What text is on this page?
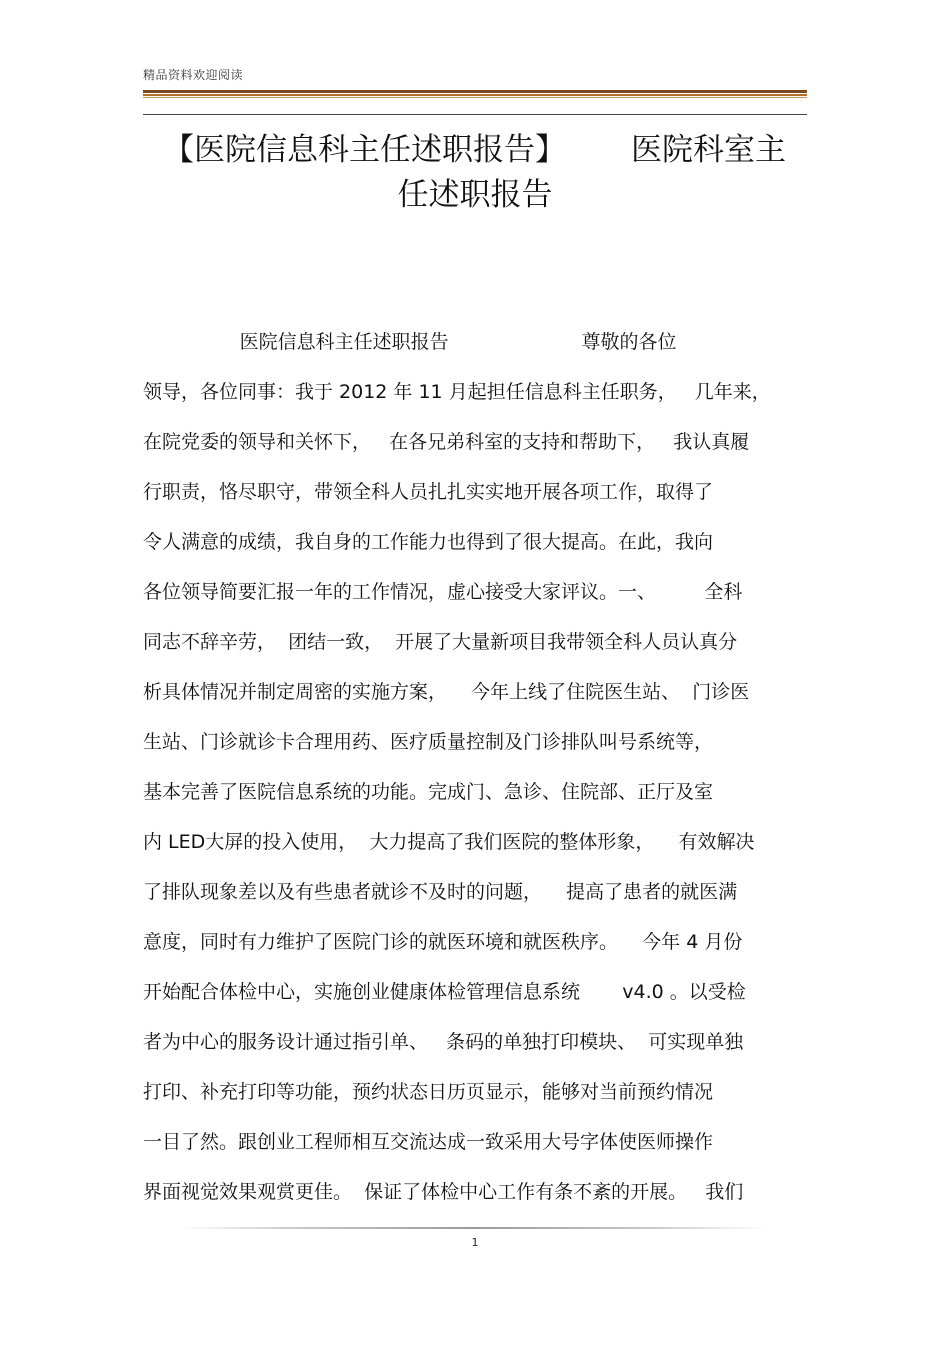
精品资料欢迎阅读
【医院信息科主任述职报告】 医院科室主
任述职报告
医院信息科主任述职报告                      尊敬的各位
领导，各位同事：我于 2012 年 11 月起担任信息科主任职务，   几年来，
在院党委的领导和关怀下，   在各兄弟科室的支持和帮助下，   我认真履
行职责，恪尽职守，带领全科人员扎扎实实地开展各项工作，取得了
令人满意的成绩，我自身的工作能力也得到了很大提高。在此，我向
各位领导简要汇报一年的工作情况，虚心接受大家评议。一、        全科
同志不辞辛劳，  团结一致，  开展了大量新项目我带领全科人员认真分
析具体情况并制定周密的实施方案，    今年上线了住院医生站、  门诊医
生站、门诊就诊卡合理用药、医疗质量控制及门诊排队叫号系统等，
基本完善了医院信息系统的功能。完成门、急诊、住院部、正厅及室
内 LED大屏的投入使用，  大力提高了我们医院的整体形象，    有效解决
了排队现象差以及有些患者就诊不及时的问题，    提高了患者的就医满
意度，同时有力维护了医院门诊的就医环境和就医秩序。    今年 4 月份
开始配合体检中心，实施创业健康体检管理信息系统       v4.0 。以受检
者为中心的服务设计通过指引单、   条码的单独打印模块、  可实现单独
打印、补充打印等功能，预约状态日历页显示，能够对当前预约情况
一目了然。跟创业工程师相互交流达成一致采用大号字体使医师操作
界面视觉效果观赏更佳。  保证了体检中心工作有条不紊的开展。   我们
1
